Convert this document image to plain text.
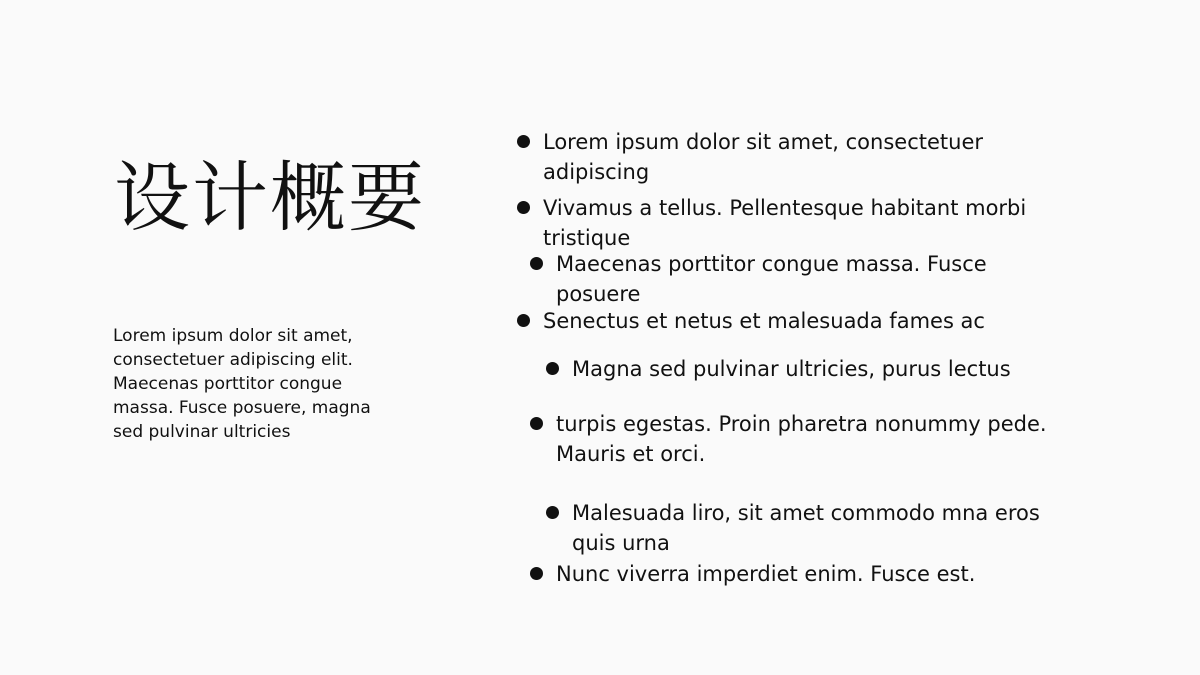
设计概要

Lorem ipsum dolor sit amet, consectetuer adipiscing elit. Maecenas porttitor congue massa. Fusce posuere, magna sed pulvinar ultricies

Lorem ipsum dolor sit amet, consectetuer adipiscing
Vivamus a tellus. Pellentesque habitant morbi tristique
Maecenas porttitor congue massa. Fusce posuere
Senectus et netus et malesuada fames ac
Magna sed pulvinar ultricies, purus lectus
turpis egestas. Proin pharetra nonummy pede. Mauris et orci.
Malesuada liro, sit amet commodo mna eros quis urna
Nunc viverra imperdiet enim. Fusce est.
